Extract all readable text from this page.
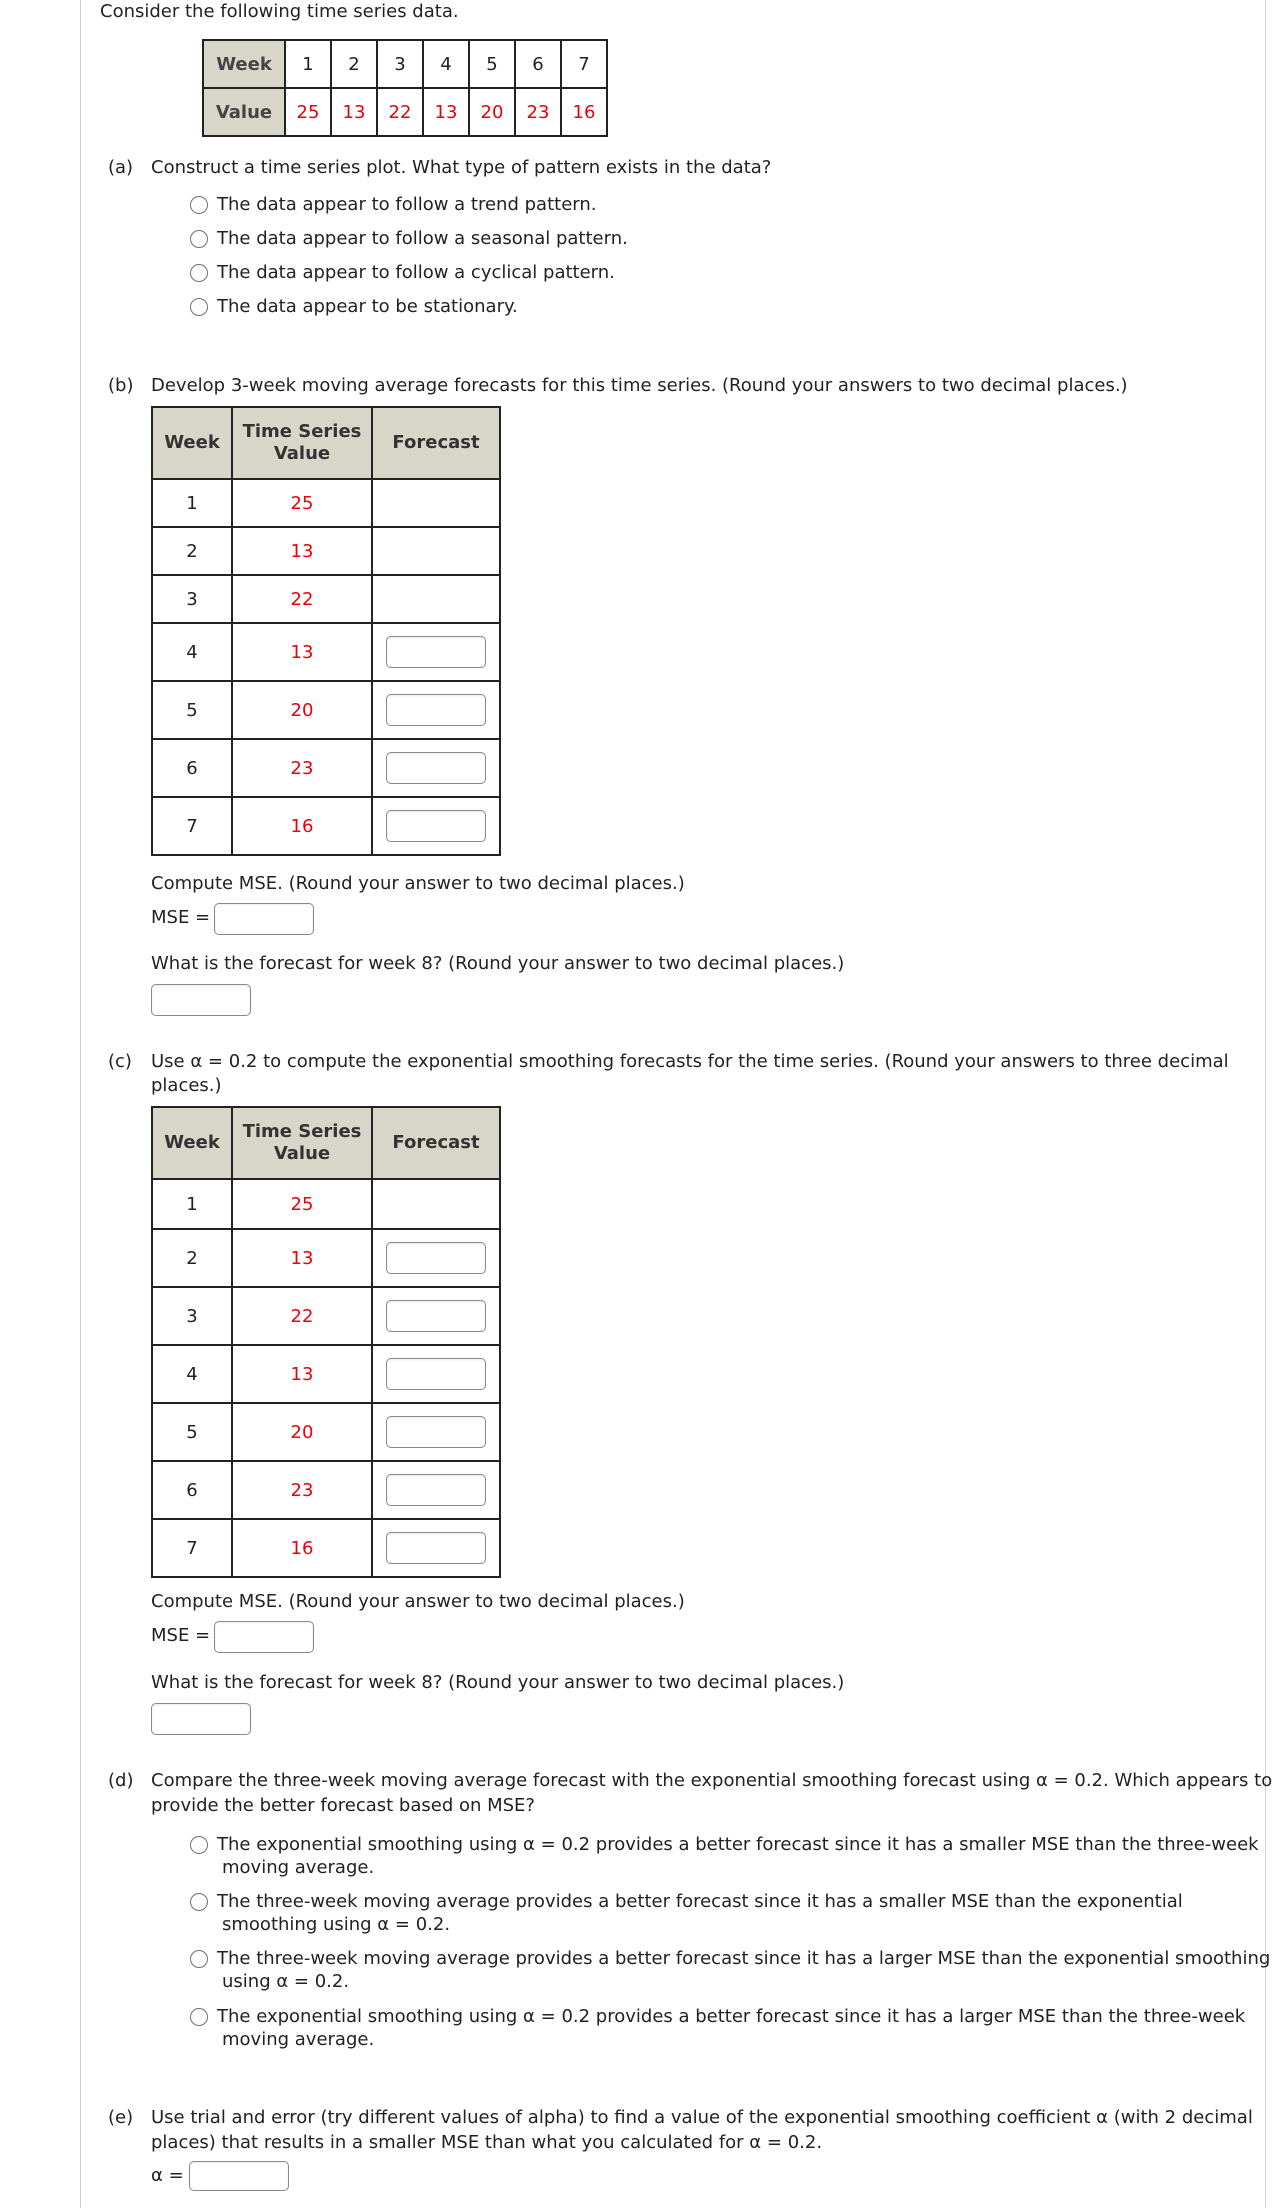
Consider the following time series data.
Week	1	2	3	4	5	6	7
Value	25	13	22	13	20	23	16
(a) Construct a time series plot. What type of pattern exists in the data?
The data appear to follow a trend pattern.
The data appear to follow a seasonal pattern.
The data appear to follow a cyclical pattern.
The data appear to be stationary.
(b) Develop 3-week moving average forecasts for this time series. (Round your answers to two decimal places.)
Week	Time Series Value	Forecast
1	25	
2	13	
3	22	
4	13	
5	20	
6	23	
7	16	
Compute MSE. (Round your answer to two decimal places.)
MSE =
What is the forecast for week 8? (Round your answer to two decimal places.)
(c) Use α = 0.2 to compute the exponential smoothing forecasts for the time series. (Round your answers to three decimal
places.)
Week	Time Series Value	Forecast
1	25	
2	13	
3	22	
4	13	
5	20	
6	23	
7	16	
Compute MSE. (Round your answer to two decimal places.)
MSE =
What is the forecast for week 8? (Round your answer to two decimal places.)
(d) Compare the three-week moving average forecast with the exponential smoothing forecast using α = 0.2. Which appears to
provide the better forecast based on MSE?
The exponential smoothing using α = 0.2 provides a better forecast since it has a smaller MSE than the three-week
moving average.
The three-week moving average provides a better forecast since it has a smaller MSE than the exponential
smoothing using α = 0.2.
The three-week moving average provides a better forecast since it has a larger MSE than the exponential smoothing
using α = 0.2.
The exponential smoothing using α = 0.2 provides a better forecast since it has a larger MSE than the three-week
moving average.
(e) Use trial and error (try different values of alpha) to find a value of the exponential smoothing coefficient α (with 2 decimal
places) that results in a smaller MSE than what you calculated for α = 0.2.
α =
